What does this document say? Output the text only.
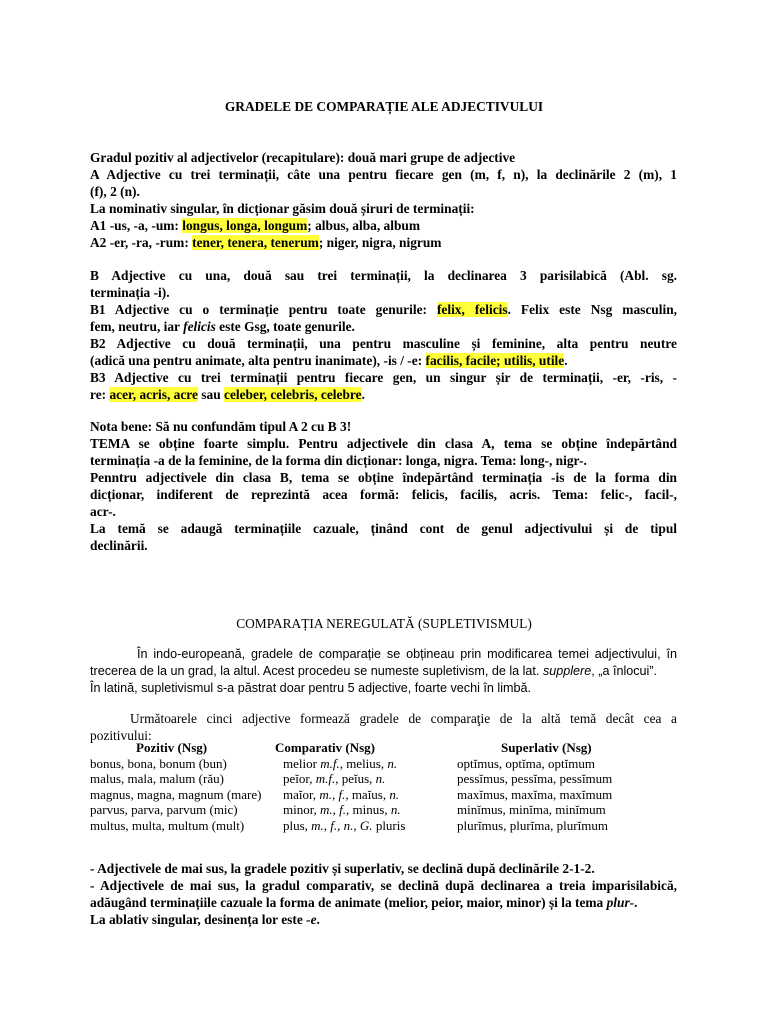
GRADELE DE COMPARAȚIE ALE ADJECTIVULUI
Gradul pozitiv al adjectivelor (recapitulare): două mari grupe de adjective
A Adjective cu trei terminații, câte una pentru fiecare gen (m, f, n), la declinările 2 (m), 1
(f), 2 (n).
La nominativ singular, în dicționar găsim două șiruri de terminații:
A1 -us, -a, -um: longus, longa, longum; albus, alba, album
A2 -er, -ra, -rum: tener, tenera, tenerum; niger, nigra, nigrum
B Adjective cu una, două sau trei terminații, la declinarea 3 parisilabică (Abl. sg.
terminația -i).
B1 Adjective cu o terminație pentru toate genurile: felix, felicis. Felix este Nsg masculin,
fem, neutru, iar felicis este Gsg, toate genurile.
B2 Adjective cu două terminații, una pentru masculine și feminine, alta pentru neutre
(adică una pentru animate, alta pentru inanimate), -is / -e: facilis, facile; utilis, utile.
B3 Adjective cu trei terminații pentru fiecare gen, un singur șir de terminații, -er, -ris, -
re: acer, acris, acre sau celeber, celebris, celebre.
Nota bene: Să nu confundăm tipul A 2 cu B 3!
TEMA se obține foarte simplu. Pentru adjectivele din clasa A, tema se obține îndepărtând
terminația -a de la feminine, de la forma din dicționar: longa, nigra. Tema: long-, nigr-.
Penntru adjectivele din clasa B, tema se obține îndepărtând terminația -is de la forma din
dicționar, indiferent de reprezintă acea formă: felicis, facilis, acris. Tema: felic-, facil-,
acr-.
La temă se adaugă terminațiile cazuale, ținând cont de genul adjectivului și de tipul
declinării.
COMPARAȚIA NEREGULATĂ (SUPLETIVISMUL)
În indo-europeană, gradele de comparație se obțineau prin modificarea temei adjectivului, în
trecerea de la un grad, la altul. Acest procedeu se numeste supletivism, de la lat. supplere, „a înlocui”.
În latină, supletivismul s-a păstrat doar pentru 5 adjective, foarte vechi în limbă.
Următoarele cinci adjective formează gradele de comparaţie de la altă temă decât cea a
pozitivului:
Pozitiv (Nsg)	Comparativ (Nsg)	Superlativ (Nsg)
bonus, bona, bonum (bun)	melior m.f., melius, n.	optĭmus, optĭma, optĭmum
malus, mala, malum (rău)	peĭor, m.f., peĭus, n.	pessĭmus, pessĭma, pessĭmum
magnus, magna, magnum (mare) maĭor, m., f., maĭus, n.	maxĭmus, maxĭma, maxĭmum
parvus, parva, parvum (mic)	minor, m., f., minus, n.	minĭmus, minĭma, minĭmum
multus, multa, multum (mult)	plus, m., f., n., G. pluris	plurĭmus, plurĭma, plurĭmum
- Adjectivele de mai sus, la gradele pozitiv și superlativ, se declină după declinările 2-1-2.
- Adjectivele de mai sus, la gradul comparativ, se declină după declinarea a treia imparisilabică,
adăugând terminațiile cazuale la forma de animate (melior, peior, maior, minor) și la tema plur-.
La ablativ singular, desinența lor este -e.
